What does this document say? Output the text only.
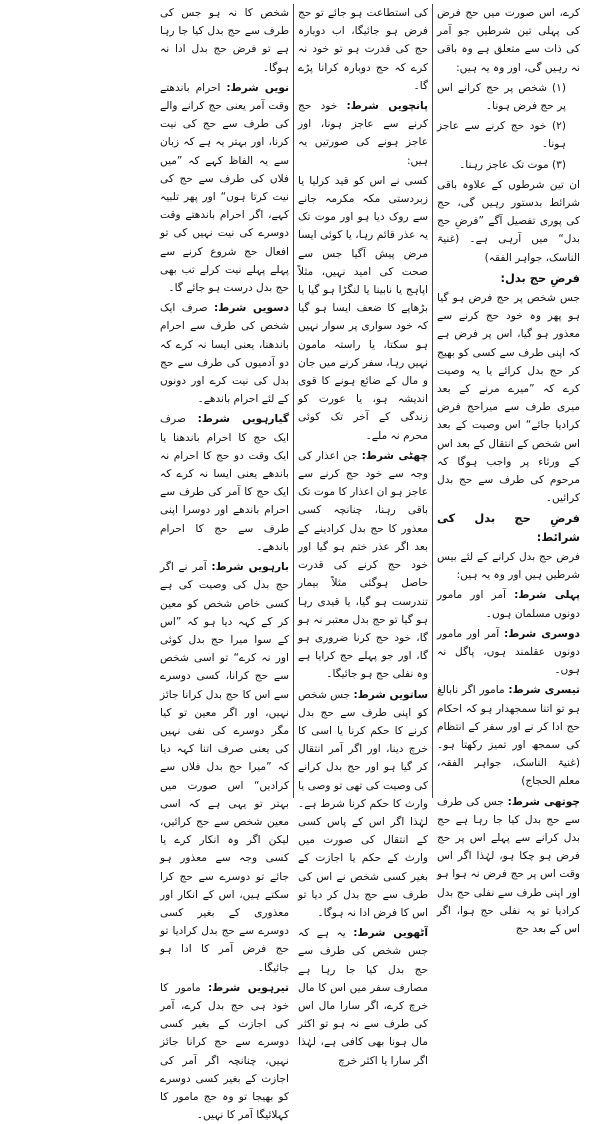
کرے، اس صورت میں حج فرض کی پہلی تین شرطیں جو آمر کی ذات سے متعلق ہے وہ باقی نہ رہیں گی، اور وہ یہ ہیں:

(۱) شخص پر حج کرانے اس پر حج فرض ہونا۔

(۲) خود حج کرنے سے عاجز ہونا۔

(۳) موت تک عاجز رہنا۔

ان تین شرطوں کے علاوہ باقی شرائط بدستور رہیں گی، حج کی پوری تفصیل آگے ”فرضِ حج بدل“ میں آرہی ہے۔ (غنیۃ الناسک، جواہر الفقہ)

فرضِ حج بدل:

جس شخص پر حج فرض ہو گیا ہو پھر وہ خود حج کرنے سے معذور ہو گیا، اس پر فرض ہے کہ اپنی طرف سے کسی کو بھیج کر حج بدل کرائے یا یہ وصیت کرے کہ ”میرے مرنے کے بعد میری طرف سے میراحج فرض کرادیا جائے“ اس وصیت کے بعد اس شخص کے انتقال کے بعد اس کے ورثاء پر واجب ہوگا کہ مرحوم کی طرف سے حج بدل کرائیں۔

فرضِ حج بدل کی شرائط:

فرض حج بدل کرانے کے لئے بیس شرطیں ہیں اور وہ یہ ہیں:

پہلی شرط: آمر اور مامور دونوں مسلمان ہوں۔

دوسری شرط: آمر اور مامور دونوں عقلمند ہوں، پاگل نہ ہوں۔

تیسری شرط: مامور اگر نابالغ ہو تو اتنا سمجھدار ہو کہ احکام حج ادا کر نے اور سفر کے انتظام کی سمجھ اور تمیز رکھتا ہو۔ (غنیۃ الناسک، جواہر الفقہ، معلم الحجاج)

چوتھی شرط: جس کی طرف سے حج بدل کیا جا رہا ہے حج بدل کرانے سے پہلے اس پر حج فرض ہو چکا ہو، لہٰذا اگر اس وقت اس پر حج فرض نہ ہوا ہو اور اپنی طرف سے نفلی حج بدل کرادیا تو یہ نفلی حج ہوا، اگر اس کے بعد حج

کی استطاعت ہو جائے تو حج فرض ہو جائیگا، اب دوبارہ حج کی قدرت ہو تو خود نہ کرے کہ حج دوبارہ کرانا پڑے گا۔

پانچویں شرط: خود حج کرنے سے عاجز ہونا، اور عاجز ہونے کی صورتیں یہ ہیں:

کسی نے اس کو قید کرلیا یا زبردستی مکہ مکرمہ جانے سے روک دیا ہو اور موت تک یہ عذر قائم رہا، یا کوئی ایسا مرض پیش آگیا جس سے صحت کی امید نہیں، مثلاً اپاہج یا نابینا یا لنگڑا ہو گیا یا بڑھاپے کا ضعف ایسا ہو گیا کہ خود سواری پر سوار نہیں ہو سکتا، یا راستہ مامون نہیں رہا، سفر کرنے میں جان و مال کے ضائع ہونے کا قوی اندیشہ ہو، یا عورت کو زندگی کے آخر تک کوئی محرم نہ ملے۔

چھٹی شرط: جن اعذار کی وجہ سے خود حج کرنے سے عاجز ہو ان اعذار کا موت تک باقی رہنا، چنانچہ کسی معذور کا حج بدل کرادینے کے بعد اگر عذر ختم ہو گیا اور خود حج کرنے کی قدرت حاصل ہوگئی مثلاً بیمار تندرست ہو گیا، یا قیدی رہا ہو گیا تو حج بدل معتبر نہ ہو گا، خود حج کرنا ضروری ہو گا، اور جو پہلے حج کرایا ہے وہ نفلی حج ہو جائیگا۔

ساتویں شرط: جس شخص کو اپنی طرف سے حج بدل کرنے کا حکم کرنا یا اسی کا خرچ دینا، اور اگر آمر انتقال کر گیا ہو اور حج بدل کرانے کی وصیت کی تھی تو وصی یا وارث کا حکم کرنا شرط ہے۔ لہٰذا اگر اس کے پاس کسی کے انتقال کی صورت میں وارث کے حکم یا اجازت کے بغیر کسی شخص نے اس کی طرف سے حج بدل کر دیا تو اس کا فرض ادا نہ ہوگا۔

آٹھویں شرط: یہ ہے کہ جس شخص کی طرف سے حج بدل کیا جا رہا ہے مصارف سفر میں اس کا مال خرچ کرے، اگر سارا مال اس کی طرف سے نہ ہو تو اکثر مال ہونا بھی کافی ہے، لہٰذا اگر سارا یا اکثر خرچ

شخص کا نہ ہو جس کی طرف سے حج بدل کیا جا رہا ہے تو فرض حج بدل ادا نہ ہوگا۔

نویں شرط: احرام باندھتے وقت آمر یعنی حج کرانے والے کی طرف سے حج کی نیت کرنا، اور بہتر یہ ہے کہ زبان سے یہ الفاظ کہے کہ ”میں فلاں کی طرف سے حج کی نیت کرتا ہوں“ اور پھر تلبیہ کہے، اگر احرام باندھتے وقت دوسرے کی نیت نہیں کی تو افعال حج شروع کرنے سے پہلے پہلے نیت کرلے تب بھی حج بدل درست ہو جائے گا۔

دسویں شرط: صرف ایک شخص کی طرف سے احرام باندھنا، یعنی ایسا نہ کرے کہ دو آدمیوں کی طرف سے حج بدل کی نیت کرے اور دونوں کے لئے احرام باندھے۔

گیارہویں شرط: صرف ایک حج کا احرام باندھنا یا ایک وقت دو حج کا احرام نہ باندھے یعنی ایسا نہ کرے کہ ایک حج کا آمر کی طرف سے احرام باندھے اور دوسرا اپنی طرف سے حج کا احرام باندھے۔

بارہویں شرط: آمر نے اگر حج بدل کی وصیت کی ہے کسی خاص شخص کو معین کر کے کہہ دیا ہو کہ ”اس کے سوا میرا حج بدل کوئی اور نہ کرے“ تو اسی شخص سے حج کرانا، کسی دوسرے سے اس کا حج بدل کرانا جائز نہیں، اور اگر معین تو کیا مگر دوسرے کی نفی نہیں کی یعنی صرف اتنا کہہ دیا کہ ”میرا حج بدل فلاں سے کرادیں“ اس صورت میں بہتر تو یہی ہے کہ اسی معین شخص سے حج کرائیں، لیکن اگر وہ انکار کرے یا کسی وجہ سے معذور ہو جائے تو دوسرے سے حج کرا سکتے ہیں، اس کے انکار اور معذوری کے بغیر کسی دوسرے سے حج بدل کرادیا تو حج فرض آمر کا ادا ہو جائیگا۔

تیرہویں شرط: مامور کا خود ہی حج بدل کرے، آمر کی اجازت کے بغیر کسی دوسرے سے حج کرانا جائز نہیں، چنانچہ اگر آمر کی اجازت کے بغیر کسی دوسرے کو بھیجا تو وہ حج مامور کا کہلائیگا آمر کا نہیں۔
